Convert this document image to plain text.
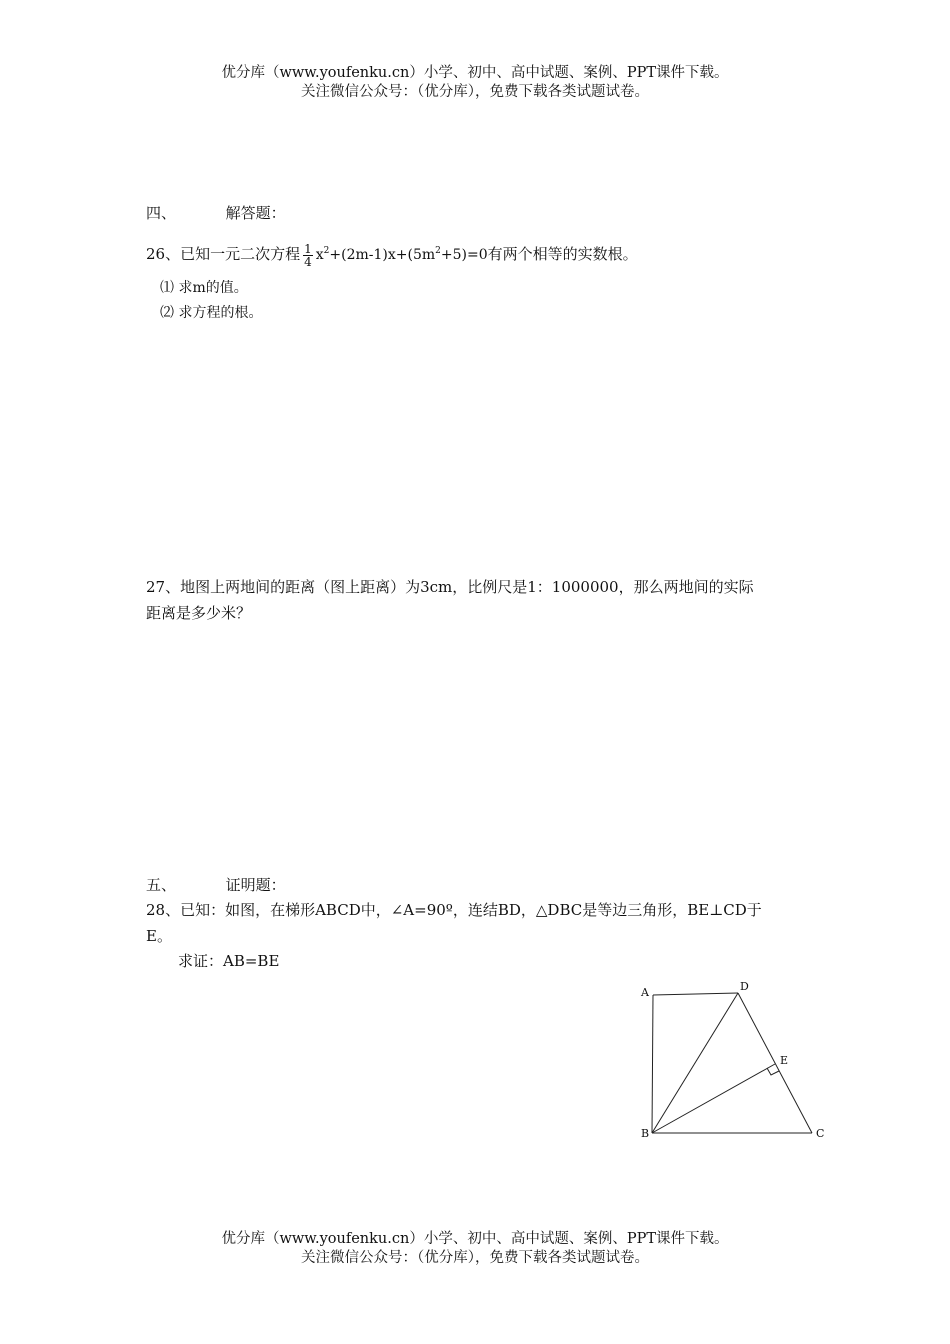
优分库（www.youfenku.cn）小学、初中、高中试题、案例、PPT课件下载。
关注微信公众号：（优分库），免费下载各类试题试卷。
四、	解答题：
26、已知一元二次方程 $\frac{1}{4} x^2+(2m-1)x+(5m^2+5)=0$有两个相等的实数根。
⑴ 求m的值。
⑵ 求方程的根。
27、地图上两地间的距离（图上距离）为3cm，比例尺是1：1000000，那么两地间的实际
距离是多少米？
五、	证明题：
28、已知：如图，在梯形ABCD中，∠A=90º，连结BD，△DBC是等边三角形，BE⊥CD于
E。
求证：AB=BE
A	D
E
B	C
优分库（www.youfenku.cn）小学、初中、高中试题、案例、PPT课件下载。
关注微信公众号：（优分库），免费下载各类试题试卷。
